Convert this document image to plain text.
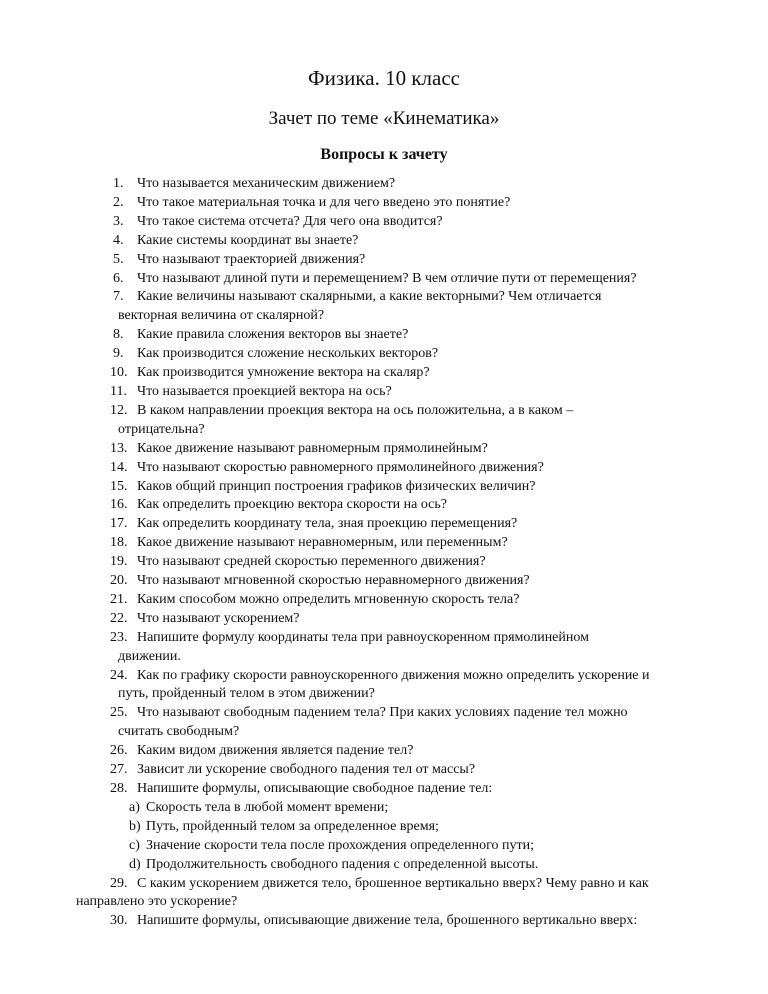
Физика. 10 класс
Зачет по теме «Кинематика»
Вопросы к зачету
1. Что называется механическим движением?
2. Что такое материальная точка и для чего введено это понятие?
3. Что такое система отсчета? Для чего она вводится?
4. Какие системы координат вы знаете?
5. Что называют траекторией движения?
6. Что называют длиной пути и перемещением? В чем отличие пути от перемещения?
7. Какие величины называют скалярными, а какие векторными? Чем отличается
векторная величина от скалярной?
8. Какие правила сложения векторов вы знаете?
9. Как производится сложение нескольких векторов?
10. Как производится умножение вектора на скаляр?
11. Что называется проекцией вектора на ось?
12. В каком направлении проекция вектора на ось положительна, а в каком –
отрицательна?
13. Какое движение называют равномерным прямолинейным?
14. Что называют скоростью равномерного прямолинейного движения?
15. Каков общий принцип построения графиков физических величин?
16. Как определить проекцию вектора скорости на ось?
17. Как определить координату тела, зная проекцию перемещения?
18. Какое движение называют неравномерным, или переменным?
19. Что называют средней скоростью переменного движения?
20. Что называют мгновенной скоростью неравномерного движения?
21. Каким способом можно определить мгновенную скорость тела?
22. Что называют ускорением?
23. Напишите формулу координаты тела при равноускоренном прямолинейном
движении.
24. Как по графику скорости равноускоренного движения можно определить ускорение и
путь, пройденный телом в этом движении?
25. Что называют свободным падением тела? При каких условиях падение тел можно
считать свободным?
26. Каким видом движения является падение тел?
27. Зависит ли ускорение свободного падения тел от массы?
28. Напишите формулы, описывающие свободное падение тел:
a) Скорость тела в любой момент времени;
b) Путь, пройденный телом за определенное время;
c) Значение скорости тела после прохождения определенного пути;
d) Продолжительность свободного падения с определенной высоты.
29. С каким ускорением движется тело, брошенное вертикально вверх? Чему равно и как
направлено это ускорение?
30. Напишите формулы, описывающие движение тела, брошенного вертикально вверх:
